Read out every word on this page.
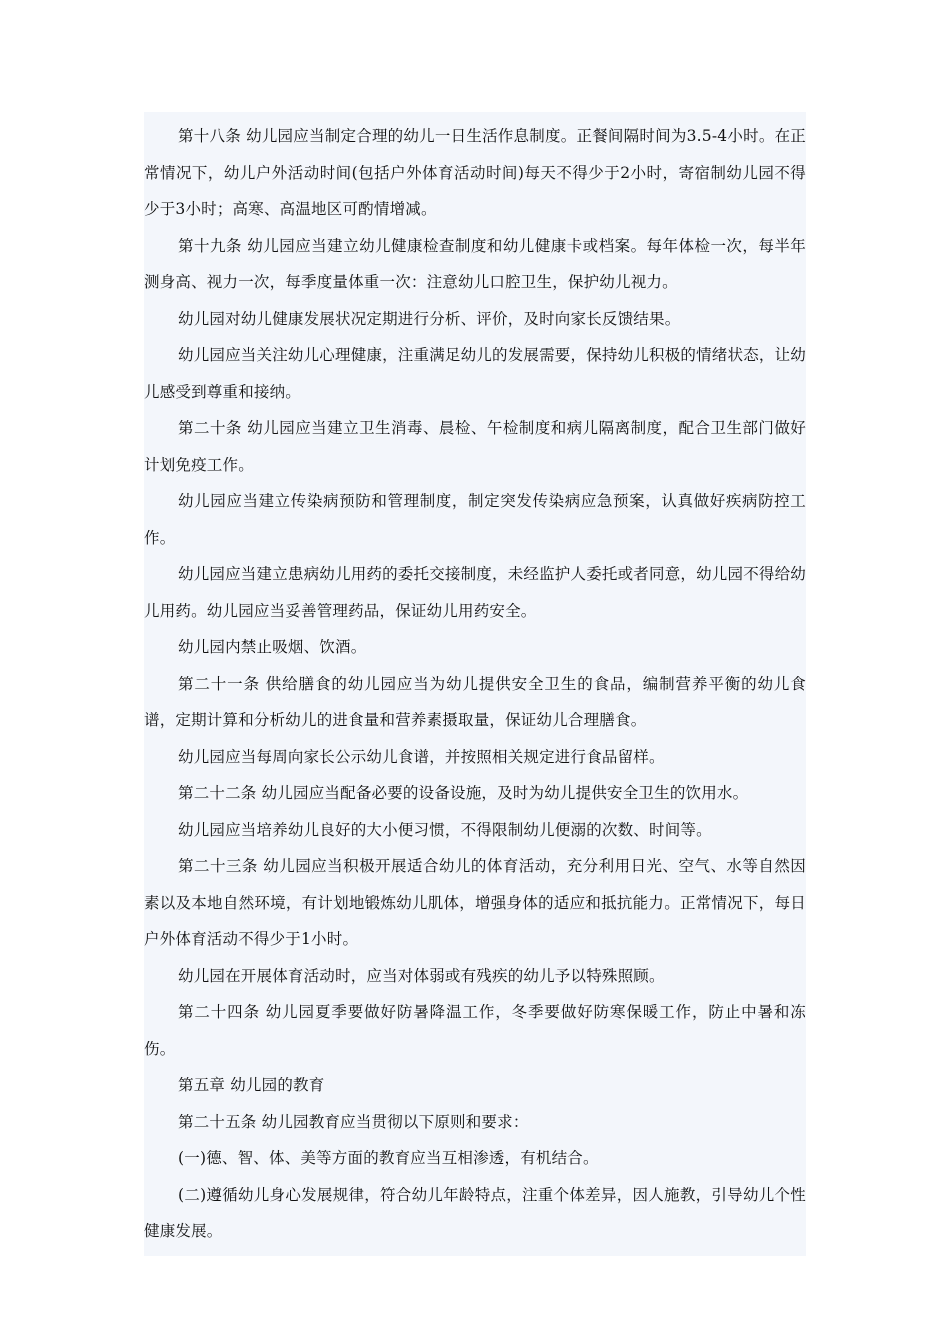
第十八条 幼儿园应当制定合理的幼儿一日生活作息制度。正餐间隔时间为3.5-4小时。在正常情况下，幼儿户外活动时间(包括户外体育活动时间)每天不得少于2小时，寄宿制幼儿园不得少于3小时；高寒、高温地区可酌情增减。

第十九条 幼儿园应当建立幼儿健康检查制度和幼儿健康卡或档案。每年体检一次，每半年测身高、视力一次，每季度量体重一次：注意幼儿口腔卫生，保护幼儿视力。

幼儿园对幼儿健康发展状况定期进行分析、评价，及时向家长反馈结果。

幼儿园应当关注幼儿心理健康，注重满足幼儿的发展需要，保持幼儿积极的情绪状态，让幼儿感受到尊重和接纳。

第二十条 幼儿园应当建立卫生消毒、晨检、午检制度和病儿隔离制度，配合卫生部门做好计划免疫工作。

幼儿园应当建立传染病预防和管理制度，制定突发传染病应急预案，认真做好疾病防控工作。

幼儿园应当建立患病幼儿用药的委托交接制度，未经监护人委托或者同意，幼儿园不得给幼儿用药。幼儿园应当妥善管理药品，保证幼儿用药安全。

幼儿园内禁止吸烟、饮酒。

第二十一条 供给膳食的幼儿园应当为幼儿提供安全卫生的食品，编制营养平衡的幼儿食谱，定期计算和分析幼儿的进食量和营养素摄取量，保证幼儿合理膳食。

幼儿园应当每周向家长公示幼儿食谱，并按照相关规定进行食品留样。

第二十二条 幼儿园应当配备必要的设备设施，及时为幼儿提供安全卫生的饮用水。

幼儿园应当培养幼儿良好的大小便习惯，不得限制幼儿便溺的次数、时间等。

第二十三条 幼儿园应当积极开展适合幼儿的体育活动，充分利用日光、空气、水等自然因素以及本地自然环境，有计划地锻炼幼儿肌体，增强身体的适应和抵抗能力。正常情况下，每日户外体育活动不得少于1小时。

幼儿园在开展体育活动时，应当对体弱或有残疾的幼儿予以特殊照顾。

第二十四条 幼儿园夏季要做好防暑降温工作，冬季要做好防寒保暖工作，防止中暑和冻伤。

第五章 幼儿园的教育

第二十五条 幼儿园教育应当贯彻以下原则和要求：

(一)德、智、体、美等方面的教育应当互相渗透，有机结合。

(二)遵循幼儿身心发展规律，符合幼儿年龄特点，注重个体差异，因人施教，引导幼儿个性健康发展。
